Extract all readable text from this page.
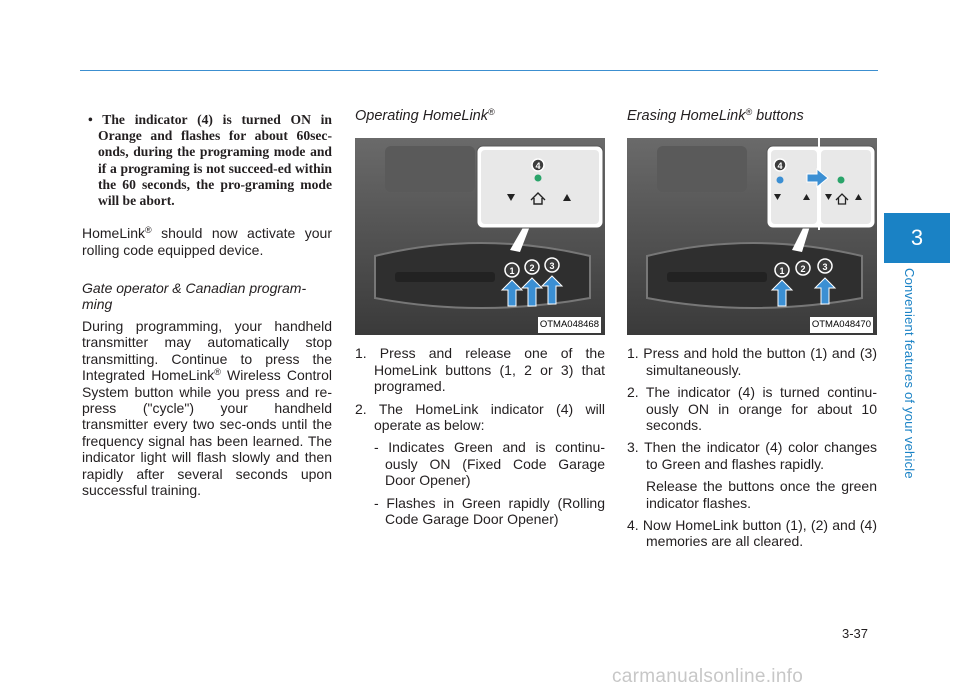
• The indicator (4) is turned ON in Orange and flashes for about 60sec-onds, during the programing mode and if a programing is not succeed-ed within the 60 seconds, the pro-graming mode will be abort.

HomeLink® should now activate your rolling code equipped device.

Gate operator & Canadian program-ming

During programming, your handheld transmitter may automatically stop transmitting. Continue to press the Integrated HomeLink® Wireless Control System button while you press and re-press ("cycle") your handheld transmitter every two sec-onds until the frequency signal has been learned. The indicator light will flash slowly and then rapidly after several seconds upon successful training.

Operating HomeLink®

4
1 2 3
OTMA048468
1. Press and release one of the HomeLink buttons (1, 2 or 3) that programed.
2. The HomeLink indicator (4) will operate as below:

- Indicates Green and is continu-ously ON (Fixed Code Garage Door Opener)

- Flashes in Green rapidly (Rolling Code Garage Door Opener)

Erasing HomeLink® buttons

4
1 2 3
OTMA048470
1. Press and hold the button (1) and (3) simultaneously.
2. The indicator (4) is turned continu-ously ON in orange for about 10 seconds.
3. Then the indicator (4) color changes to Green and flashes rapidly.

Release the buttons once the green indicator flashes.

4. Now HomeLink button (1), (2) and (4) memories are all cleared.
3
Convenient features of your vehicle
3-37
carmanualsonline.info
